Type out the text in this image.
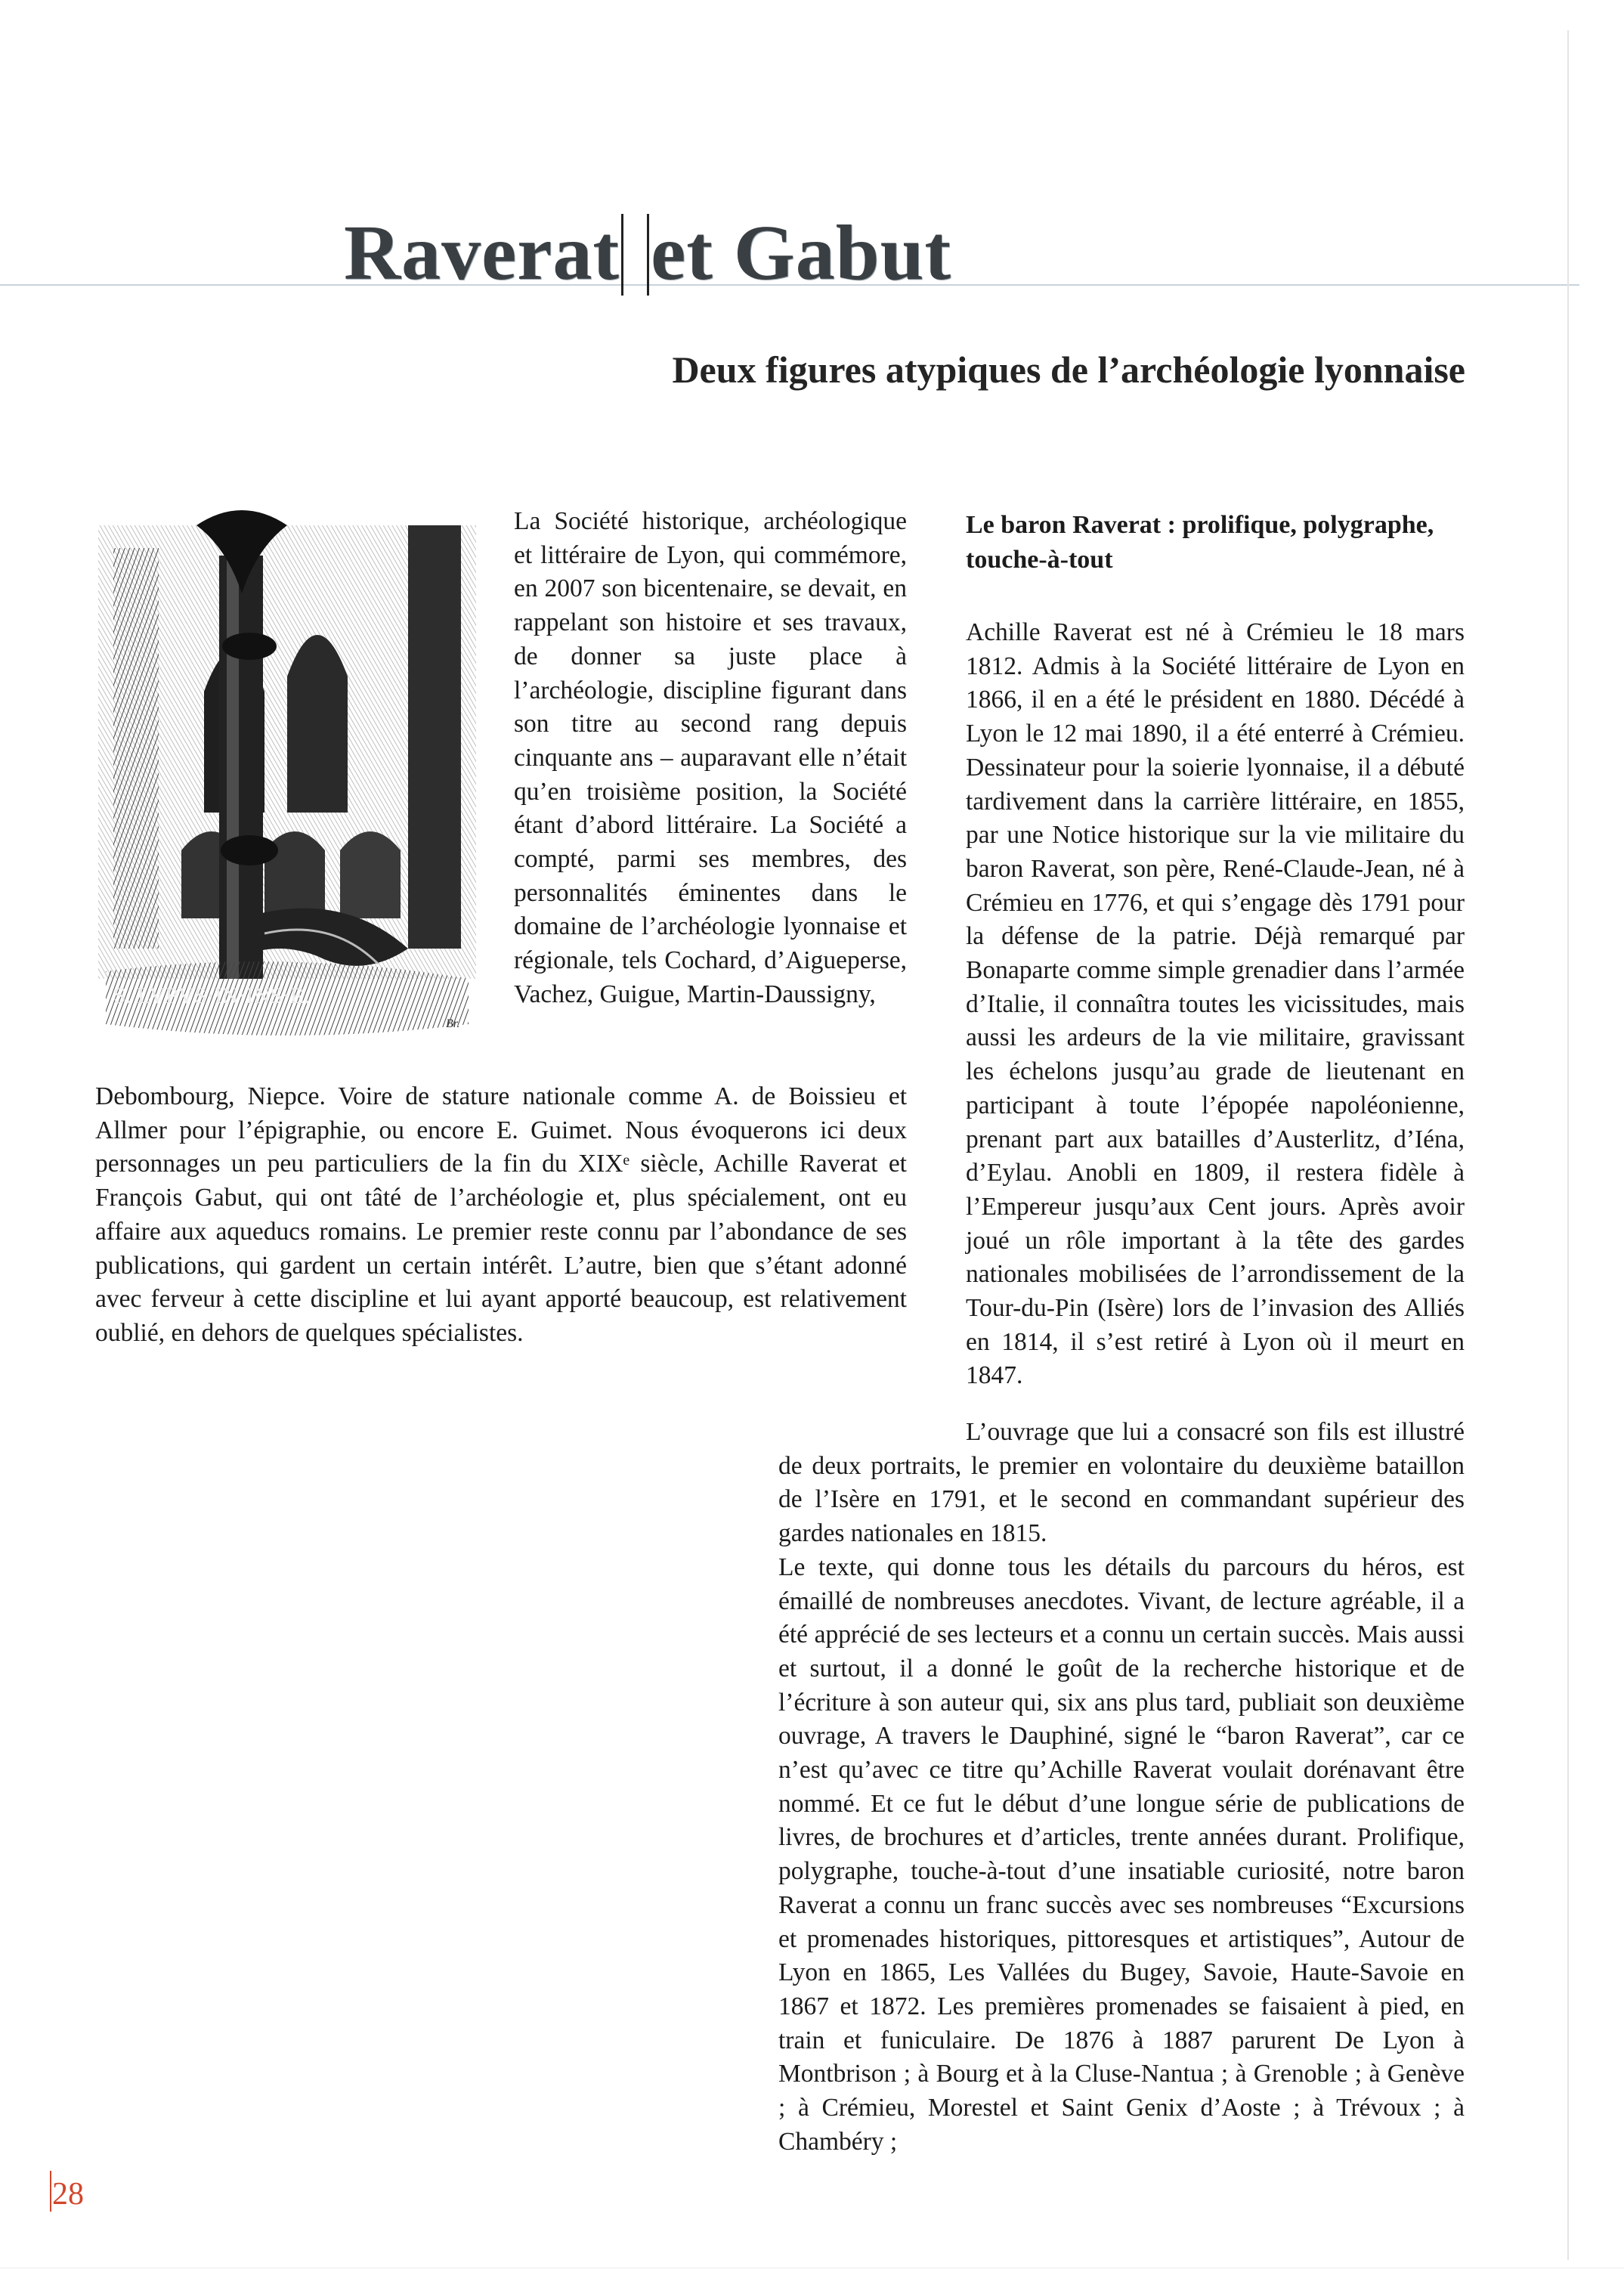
Raverat et Gabut
Deux figures atypiques de l’archéologie lyonnaise
S. LVPVS·IN·INS·E.
Br.

La Société historique, archéologique et littéraire de Lyon, qui commémore, en 2007 son bicentenaire, se devait, en rappelant son histoire et ses travaux, de donner sa juste place à l’archéologie, discipline figurant dans son titre au second rang depuis cinquante ans – auparavant elle n’était qu’en troisième position, la Société étant d’abord littéraire. La Société a compté, parmi ses membres, des personnalités éminentes dans le domaine de l’archéologie lyonnaise et régionale, tels Cochard, d’Aigueperse, Vachez, Guigue, Martin-Daussigny,

Debombourg, Niepce. Voire de stature nationale comme A. de Boissieu et Allmer pour l’épigraphie, ou encore E. Guimet. Nous évoquerons ici deux personnages un peu particuliers de la fin du XIXᵉ siècle, Achille Raverat et François Gabut, qui ont tâté de l’archéologie et, plus spécialement, ont eu affaire aux aqueducs romains. Le premier reste connu par l’abondance de ses publications, qui gardent un certain intérêt. L’autre, bien que s’étant adonné avec ferveur à cette discipline et lui ayant apporté beaucoup, est relativement oublié, en dehors de quelques spécialistes.

Le baron Raverat : prolifique, polygraphe, touche-à-tout

Achille Raverat est né à Crémieu le 18 mars 1812. Admis à la Société littéraire de Lyon en 1866, il en a été le président en 1880. Décédé à Lyon le 12 mai 1890, il a été enterré à Crémieu. Dessinateur pour la soierie lyonnaise, il a débuté tardivement dans la carrière littéraire, en 1855, par une Notice historique sur la vie militaire du baron Raverat, son père, René-Claude-Jean, né à Crémieu en 1776, et qui s’engage dès 1791 pour la défense de la patrie. Déjà remarqué par Bonaparte comme simple grenadier dans l’armée d’Italie, il connaîtra toutes les vicissitudes, mais aussi les ardeurs de la vie militaire, gravissant les échelons jusqu’au grade de lieutenant en participant à toute l’épopée napoléonienne, prenant part aux batailles d’Austerlitz, d’Iéna, d’Eylau. Anobli en 1809, il restera fidèle à l’Empereur jusqu’aux Cent jours. Après avoir joué un rôle important à la tête des gardes nationales mobilisées de l’arrondissement de la Tour-du-Pin (Isère) lors de l’invasion des Alliés en 1814, il s’est retiré à Lyon où il meurt en 1847.

L’ouvrage que lui a consacré son fils est illustré de deux portraits, le premier en volontaire du deuxième bataillon de l’Isère en 1791, et le second en commandant supérieur des gardes nationales en 1815.

Le texte, qui donne tous les détails du parcours du héros, est émaillé de nombreuses anecdotes. Vivant, de lecture agréable, il a été apprécié de ses lecteurs et a connu un certain succès. Mais aussi et surtout, il a donné le goût de la recherche historique et de l’écriture à son auteur qui, six ans plus tard, publiait son deuxième ouvrage, A travers le Dauphiné, signé le “baron Raverat”, car ce n’est qu’avec ce titre qu’Achille Raverat voulait dorénavant être nommé. Et ce fut le début d’une longue série de publications de livres, de brochures et d’articles, trente années durant. Prolifique, polygraphe, touche-à-tout d’une insatiable curiosité, notre baron Raverat a connu un franc succès avec ses nombreuses “Excursions et promenades historiques, pittoresques et artistiques”, Autour de Lyon en 1865, Les Vallées du Bugey, Savoie, Haute-Savoie en 1867 et 1872. Les premières promenades se faisaient à pied, en train et funiculaire. De 1876 à 1887 parurent De Lyon à Montbrison ; à Bourg et à la Cluse-Nantua ; à Grenoble ; à Genève ; à Crémieu, Morestel et Saint Genix d’Aoste ; à Trévoux ; à Chambéry ;

28
